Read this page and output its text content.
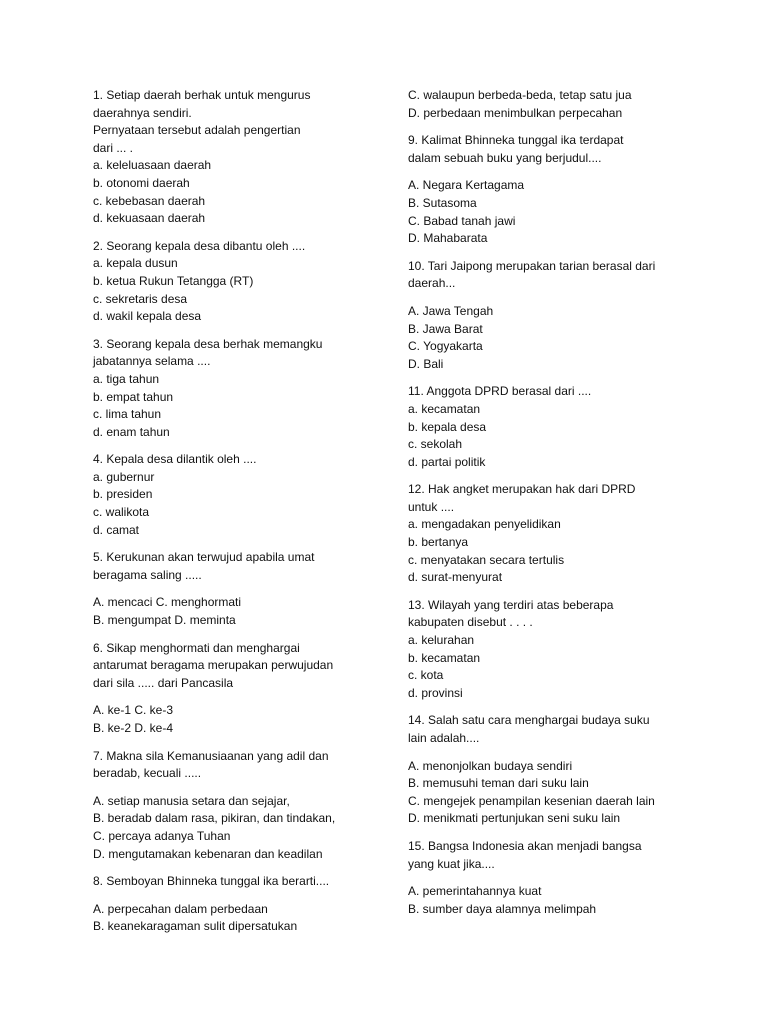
1. Setiap daerah berhak untuk mengurus
daerahnya sendiri.
Pernyataan tersebut adalah pengertian
dari ... .
a. keleluasaan daerah
b. otonomi daerah
c. kebebasan daerah
d. kekuasaan daerah
2. Seorang kepala desa dibantu oleh ....
a. kepala dusun
b. ketua Rukun Tetangga (RT)
c. sekretaris desa
d. wakil kepala desa
3. Seorang kepala desa berhak memangku
jabatannya selama ....
a. tiga tahun
b. empat tahun
c. lima tahun
d. enam tahun
4. Kepala desa dilantik oleh ....
a. gubernur
b. presiden
c. walikota
d. camat
5. Kerukunan akan terwujud apabila umat
beragama saling .....
A. mencaci C. menghormati
B. mengumpat D. meminta
6. Sikap menghormati dan menghargai
antarumat beragama merupakan perwujudan
dari sila ..... dari Pancasila
A. ke-1 C. ke-3
B. ke-2 D. ke-4
7. Makna sila Kemanusiaanan yang adil dan
beradab, kecuali .....
A. setiap manusia setara dan sejajar,
B. beradab dalam rasa, pikiran, dan tindakan,
C. percaya adanya Tuhan
D. mengutamakan kebenaran dan keadilan
8. Semboyan Bhinneka tunggal ika berarti....
A. perpecahan dalam perbedaan
B. keanekaragaman sulit dipersatukan
C. walaupun berbeda-beda, tetap satu jua
D. perbedaan menimbulkan perpecahan
9. Kalimat Bhinneka tunggal ika terdapat
dalam sebuah buku yang berjudul....
A. Negara Kertagama
B. Sutasoma
C. Babad tanah jawi
D. Mahabarata
10. Tari Jaipong merupakan tarian berasal dari
daerah...
A. Jawa Tengah
B. Jawa Barat
C. Yogyakarta
D. Bali
11. Anggota DPRD berasal dari ....
a. kecamatan
b. kepala desa
c. sekolah
d. partai politik
12. Hak angket merupakan hak dari DPRD
untuk ....
a. mengadakan penyelidikan
b. bertanya
c. menyatakan secara tertulis
d. surat-menyurat
13. Wilayah yang terdiri atas beberapa
kabupaten disebut . . . .
a. kelurahan
b. kecamatan
c. kota
d. provinsi
14. Salah satu cara menghargai budaya suku
lain adalah....
A. menonjolkan budaya sendiri
B. memusuhi teman dari suku lain
C. mengejek penampilan kesenian daerah lain
D. menikmati pertunjukan seni suku lain
15. Bangsa Indonesia akan menjadi bangsa
yang kuat jika....
A. pemerintahannya kuat
B. sumber daya alamnya melimpah
